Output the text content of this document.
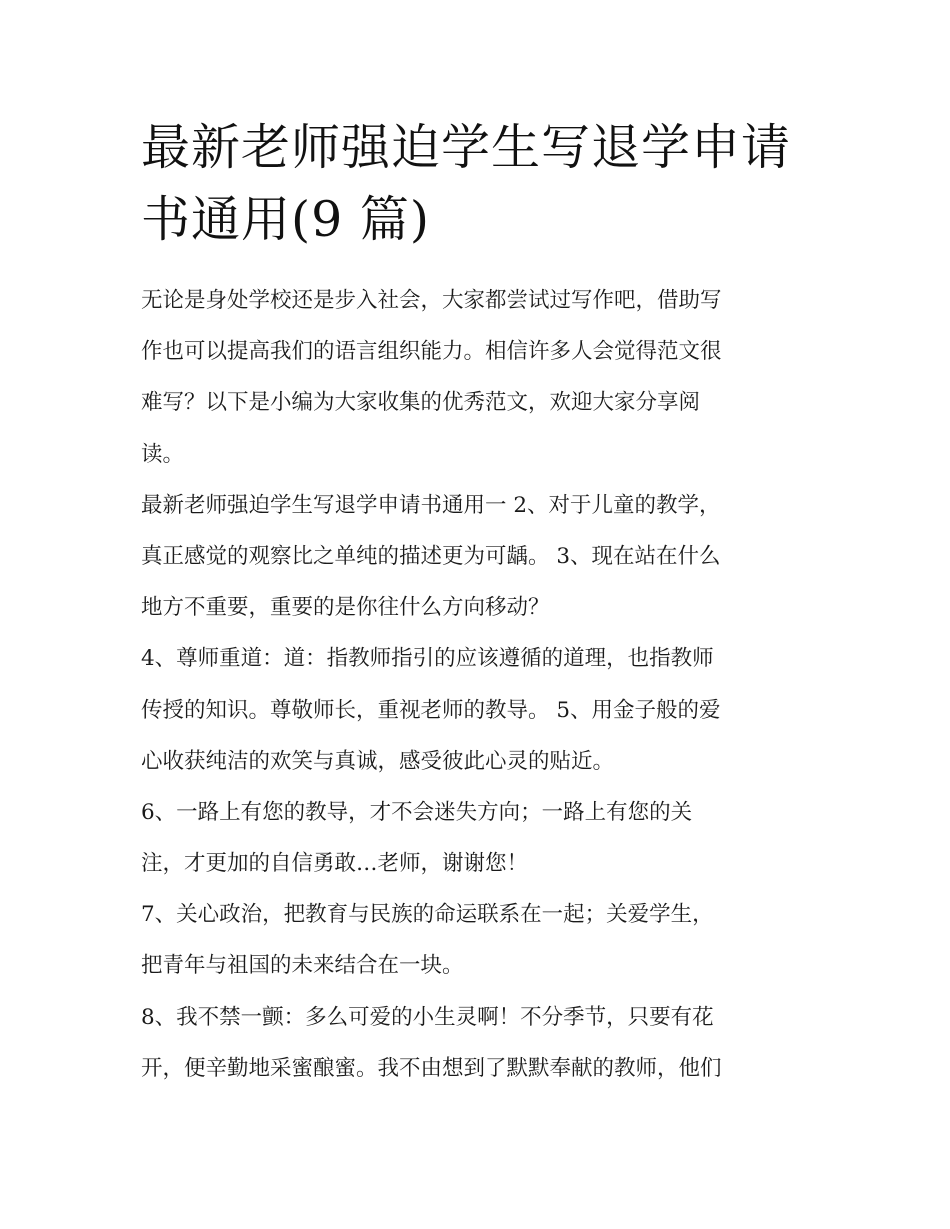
最新老师强迫学生写退学申请
书通用(9 篇)
无论是身处学校还是步入社会，大家都尝试过写作吧，借助写
作也可以提高我们的语言组织能力。相信许多人会觉得范文很
难写？以下是小编为大家收集的优秀范文，欢迎大家分享阅
读。
最新老师强迫学生写退学申请书通用一 2、对于儿童的教学，
真正感觉的观察比之单纯的描述更为可龋。 3、现在站在什么
地方不重要，重要的是你往什么方向移动？
4、尊师重道：道：指教师指引的应该遵循的道理，也指教师
传授的知识。尊敬师长，重视老师的教导。 5、用金子般的爱
心收获纯洁的欢笑与真诚，感受彼此心灵的贴近。
6、一路上有您的教导，才不会迷失方向；一路上有您的关
注，才更加的自信勇敢…老师，谢谢您！
7、关心政治，把教育与民族的命运联系在一起；关爱学生，
把青年与祖国的未来结合在一块。
8、我不禁一颤：多么可爱的小生灵啊！不分季节，只要有花
开，便辛勤地采蜜酿蜜。我不由想到了默默奉献的教师，他们
